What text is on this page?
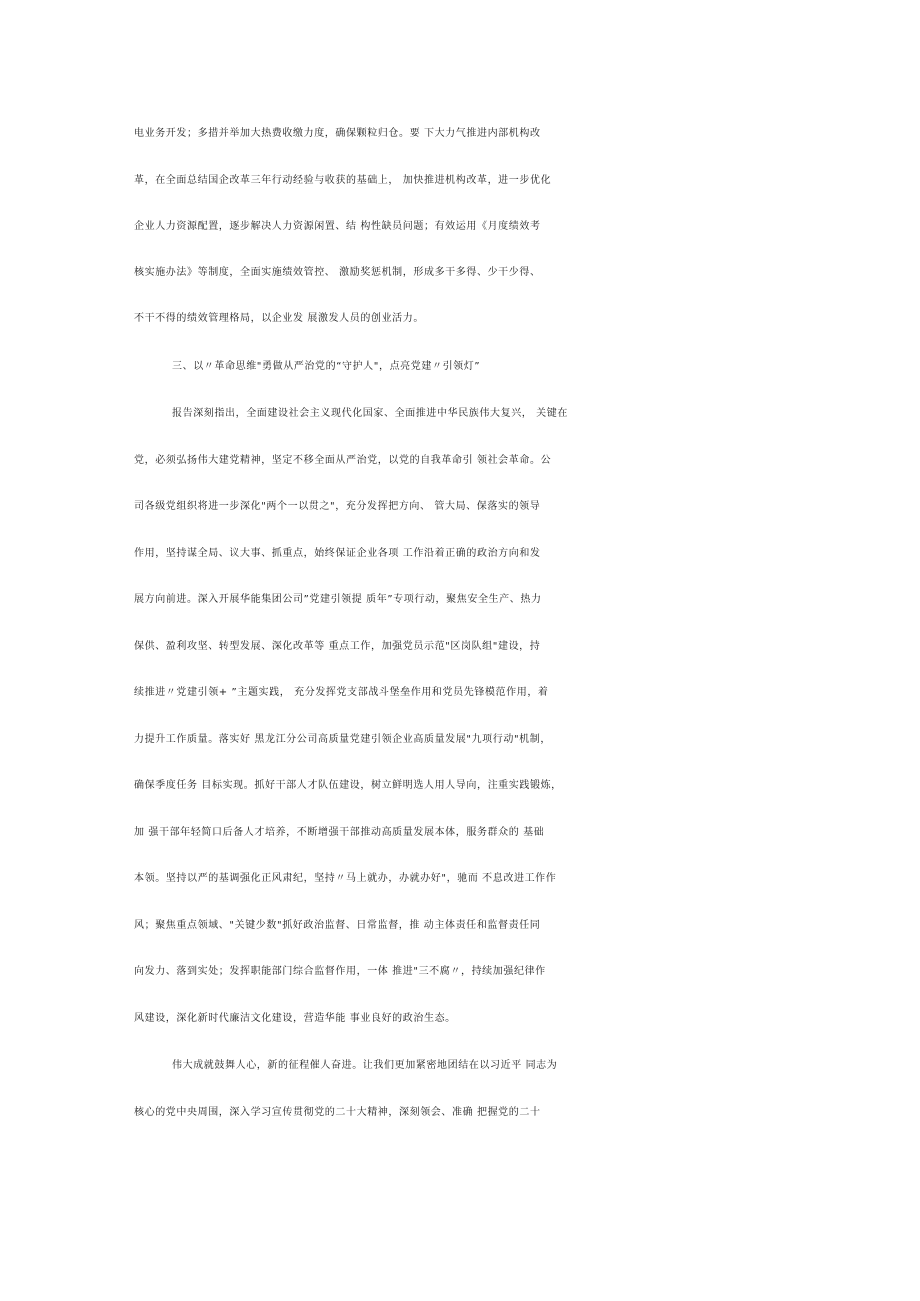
电业务开发；多措并举加大热费收缴力度，确保颗粒归仓。要 下大力气推进内部机构改
革，在全面总结国企改革三年行动经验与收获的基础上， 加快推进机构改革，进一步优化
企业人力资源配置，逐步解决人力资源闲置、结 构性缺员问题；有效运用《月度绩效考
核实施办法》等制度，全面实施绩效管控、 激励奖惩机制，形成多干多得、少干少得、
不干不得的绩效管理格局，以企业发 展激发人员的创业活力。
三、以〃革命思维"勇做从严治党的“守护人"，点亮党建〃引领灯”
报告深刻指出，全面建设社会主义现代化国家、全面推进中华民族伟大复兴， 关键在
党，必须弘扬伟大建党精神，坚定不移全面从严治党，以党的自我革命引 领社会革命。公
司各级党组织将进一步深化"两个一以贯之"，充分发挥把方向、 管大局、保落实的领导
作用，坚持谋全局、议大事、抓重点，始终保证企业各项 工作沿着正确的政治方向和发
展方向前进。深入开展华能集团公司”党建引领提 质年”专项行动，聚焦安全生产、热力
保供、盈利攻坚、转型发展、深化改革等 重点工作，加强党员示范"区岗队组"建设，持
续推进〃党建引领+ ”主题实践， 充分发挥党支部战斗堡垒作用和党员先锋模范作用，着
力提升工作质量。落实好 黑龙江分公司高质量党建引领企业高质量发展"九项行动"机制，
确保季度任务 目标实现。抓好干部人才队伍建设，树立鲜明选人用人导向，注重实践锻炼，
加 强干部年轻简口后备人才培养，不断增强干部推动高质量发展本体，服务群众的 基础
本领。坚持以严的基调强化正风肃纪，坚持〃马上就办，办就办好"，驰而 不息改进工作作
风；聚焦重点领域、"关键少数"抓好政治监督、日常监督，推 动主体责任和监督责任同
向发力、落到实处；发挥职能部门综合监督作用，一体 推进"三不腐〃，持续加强纪律作
风建设，深化新时代廉洁文化建设，营造华能 事业良好的政治生态。
伟大成就鼓舞人心，新的征程催人奋进。让我们更加紧密地团结在以习近平 同志为
核心的党中央周围，深入学习宣传贯彻党的二十大精神，深刻领会、准确 把握党的二十
